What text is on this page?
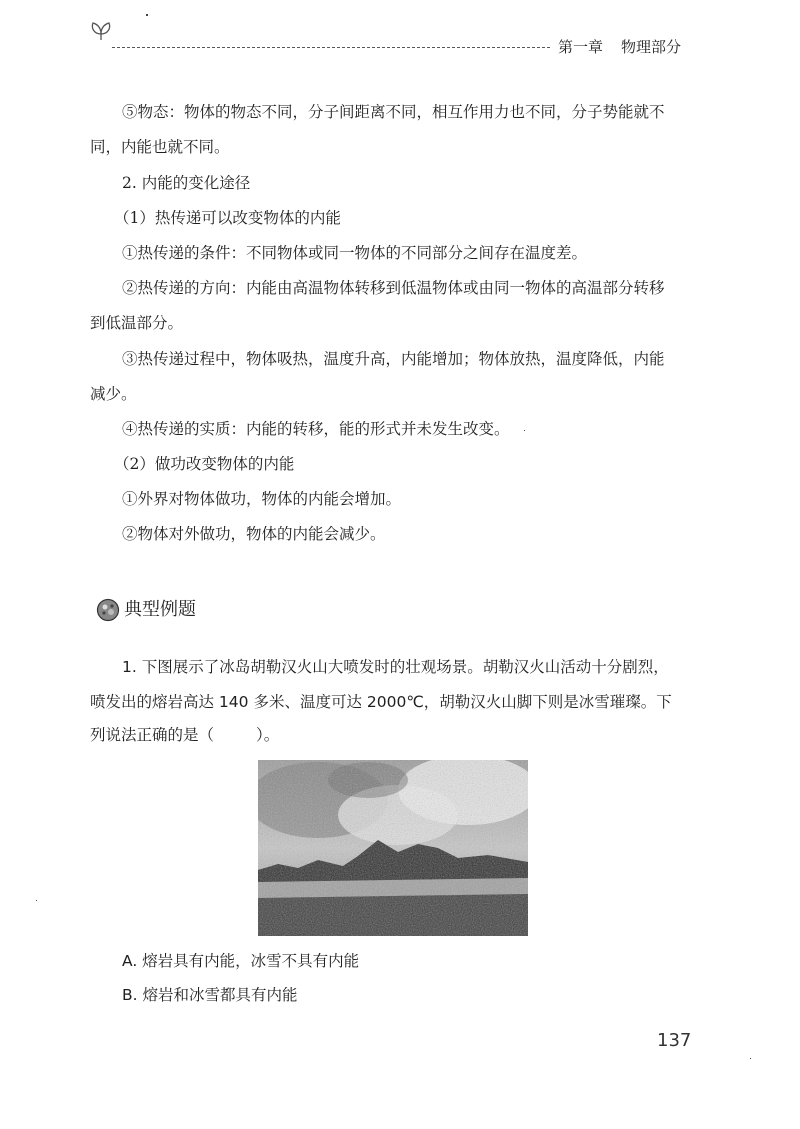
第一章 物理部分
⑤物态：物体的物态不同，分子间距离不同，相互作用力也不同，分子势能就不
同，内能也就不同。
2. 内能的变化途径
（1）热传递可以改变物体的内能
①热传递的条件：不同物体或同一物体的不同部分之间存在温度差。
②热传递的方向：内能由高温物体转移到低温物体或由同一物体的高温部分转移
到低温部分。
③热传递过程中，物体吸热，温度升高，内能增加；物体放热，温度降低，内能
减少。
④热传递的实质：内能的转移，能的形式并未发生改变。
（2）做功改变物体的内能
①外界对物体做功，物体的内能会增加。
②物体对外做功，物体的内能会减少。
典型例题
1. 下图展示了冰岛胡勒汉火山大喷发时的壮观场景。胡勒汉火山活动十分剧烈，
喷发出的熔岩高达 140 多米、温度可达 2000℃，胡勒汉火山脚下则是冰雪璀璨。下
列说法正确的是（	）。
A. 熔岩具有内能，冰雪不具有内能
B. 熔岩和冰雪都具有内能
137
